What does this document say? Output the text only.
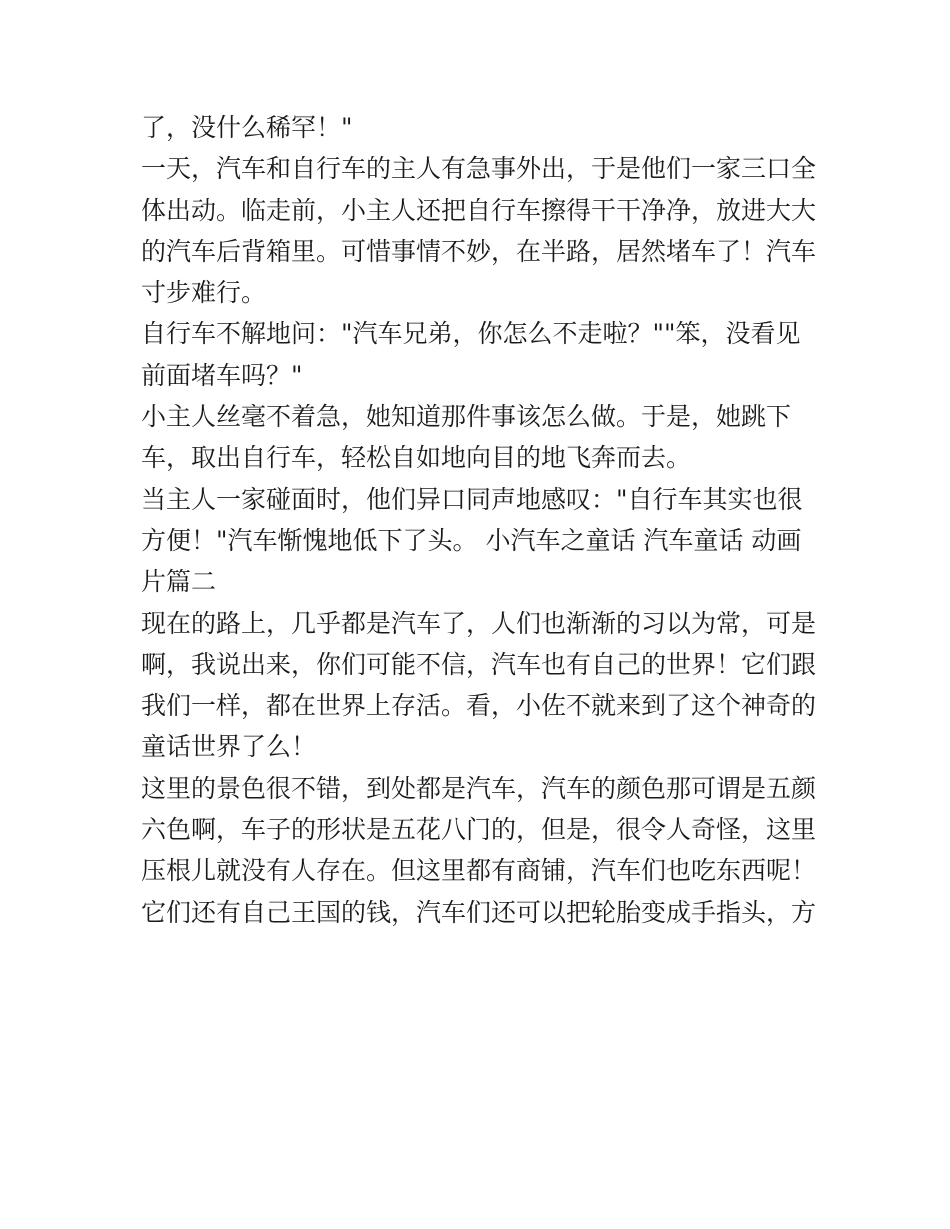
了，没什么稀罕！"
一天，汽车和自行车的主人有急事外出，于是他们一家三口全
体出动。临走前，小主人还把自行车擦得干干净净，放进大大
的汽车后背箱里。可惜事情不妙，在半路，居然堵车了！汽车
寸步难行。
自行车不解地问："汽车兄弟，你怎么不走啦？""笨，没看见
前面堵车吗？"
小主人丝毫不着急，她知道那件事该怎么做。于是，她跳下
车，取出自行车，轻松自如地向目的地飞奔而去。
当主人一家碰面时，他们异口同声地感叹："自行车其实也很
方便！"汽车惭愧地低下了头。 小汽车之童话 汽车童话 动画
片篇二
现在的路上，几乎都是汽车了，人们也渐渐的习以为常，可是
啊，我说出来，你们可能不信，汽车也有自己的世界！它们跟
我们一样，都在世界上存活。看，小佐不就来到了这个神奇的
童话世界了么！
这里的景色很不错，到处都是汽车，汽车的颜色那可谓是五颜
六色啊，车子的形状是五花八门的，但是，很令人奇怪，这里
压根儿就没有人存在。但这里都有商铺，汽车们也吃东西呢！
它们还有自己王国的钱，汽车们还可以把轮胎变成手指头，方
